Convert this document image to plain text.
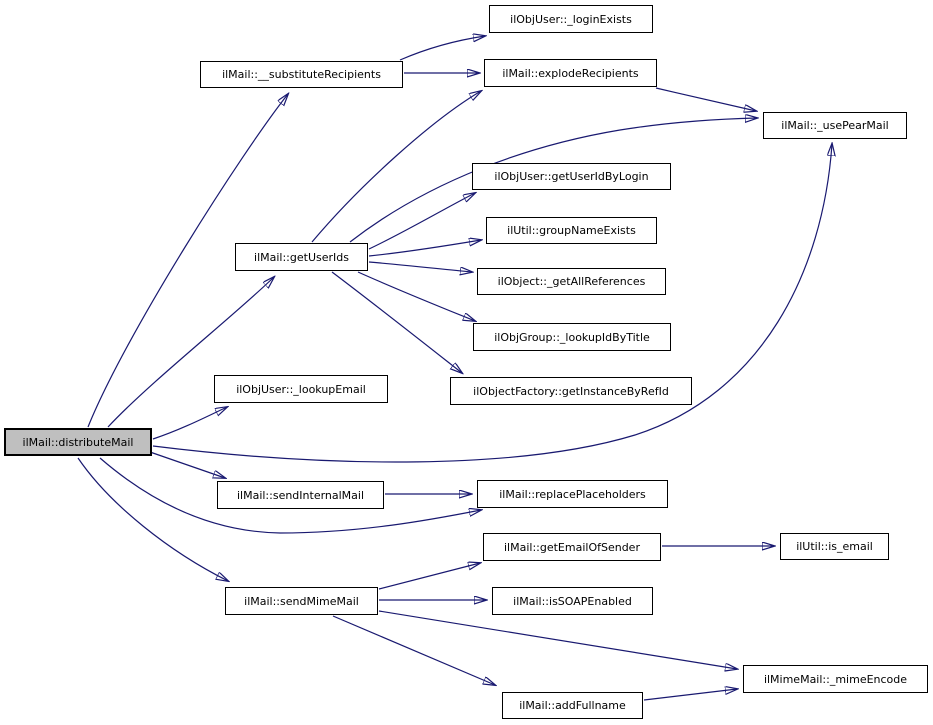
ilMail::distributeMail
ilMail::__substituteRecipients
ilObjUser::_loginExists
ilMail::explodeRecipients
ilMail::_usePearMail
ilObjUser::getUserIdByLogin
ilUtil::groupNameExists
ilMail::getUserIds
ilObject::_getAllReferences
ilObjGroup::_lookupIdByTitle
ilObjectFactory::getInstanceByRefId
ilObjUser::_lookupEmail
ilMail::sendInternalMail	ilMail::replacePlaceholders
ilMail::getEmailOfSender	ilUtil::is_email
ilMail::isSOAPEnabled
ilMail::sendMimeMail
ilMimeMail::_mimeEncode
ilMail::addFullname
